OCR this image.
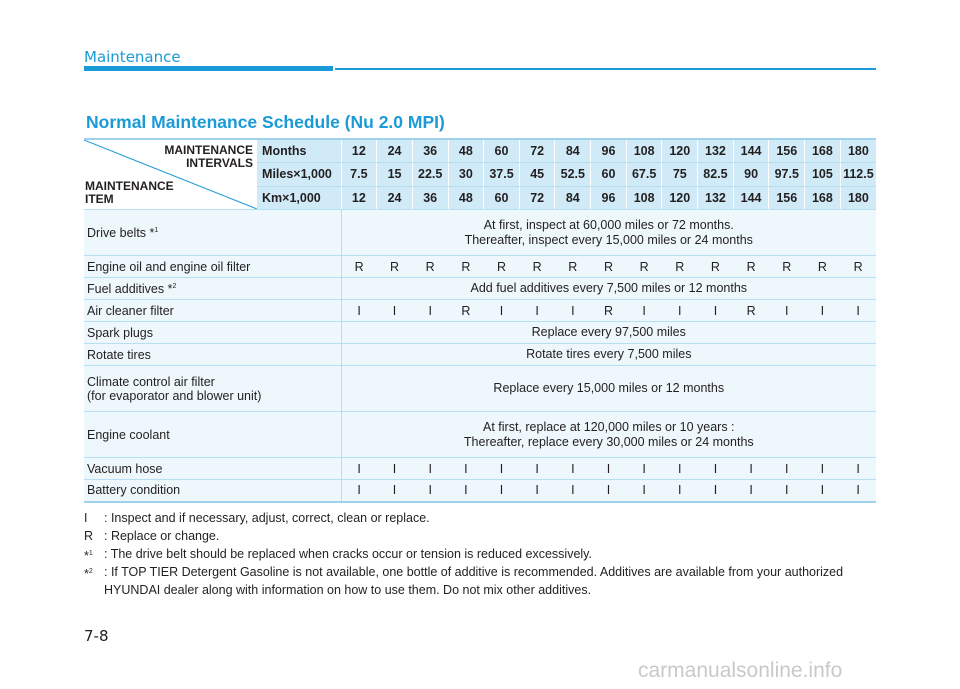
Maintenance
Normal Maintenance Schedule (Nu 2.0 MPI)
MAINTENANCE
INTERVALS
MAINTENANCE
ITEM	Months	12	24	36	48	60	72	84	96	108	120	132	144	156	168	180
	Miles×1,000	7.5	15	22.5	30	37.5	45	52.5	60	67.5	75	82.5	90	97.5	105	112.5
	Km×1,000	12	24	36	48	60	72	84	96	108	120	132	144	156	168	180
Drive belts *$^1$		At first, inspect at 60,000 miles or 72 months.
Thereafter, inspect every 15,000 miles or 24 months														

Engine oil and engine oil filter		R	R	R	R	R	R	R	R	R	R	R	R	R	R	R
Fuel additives *$^2$		Add fuel additives every 7,500 miles or 12 months														

Air cleaner filter		I	I	I	R	I	I	I	R	I	I	I	R	I	I	I
Spark plugs		Replace every 97,500 miles														

Rotate tires		Rotate tires every 7,500 miles														

Climate control air filter
(for evaporator and blower unit)		Replace every 15,000 miles or 12 months														

Engine coolant		At first, replace at 120,000 miles or 10 years :
Thereafter, replace every 30,000 miles or 24 months														

Vacuum hose		I	I	I	I	I	I	I	I	I	I	I	I	I	I	I
Battery condition		I	I	I	I	I	I	I	I	I	I	I	I	I	I	I
I : Inspect and if necessary, adjust, correct, clean or replace.
R : Replace or change.
*$^1$ : The drive belt should be replaced when cracks occur or tension is reduced excessively.
*$^2$ : If TOP TIER Detergent Gasoline is not available, one bottle of additive is recommended. Additives are available from your authorized HYUNDAI dealer along with information on how to use them. Do not mix other additives.
7-8
carmanualsonline.info
